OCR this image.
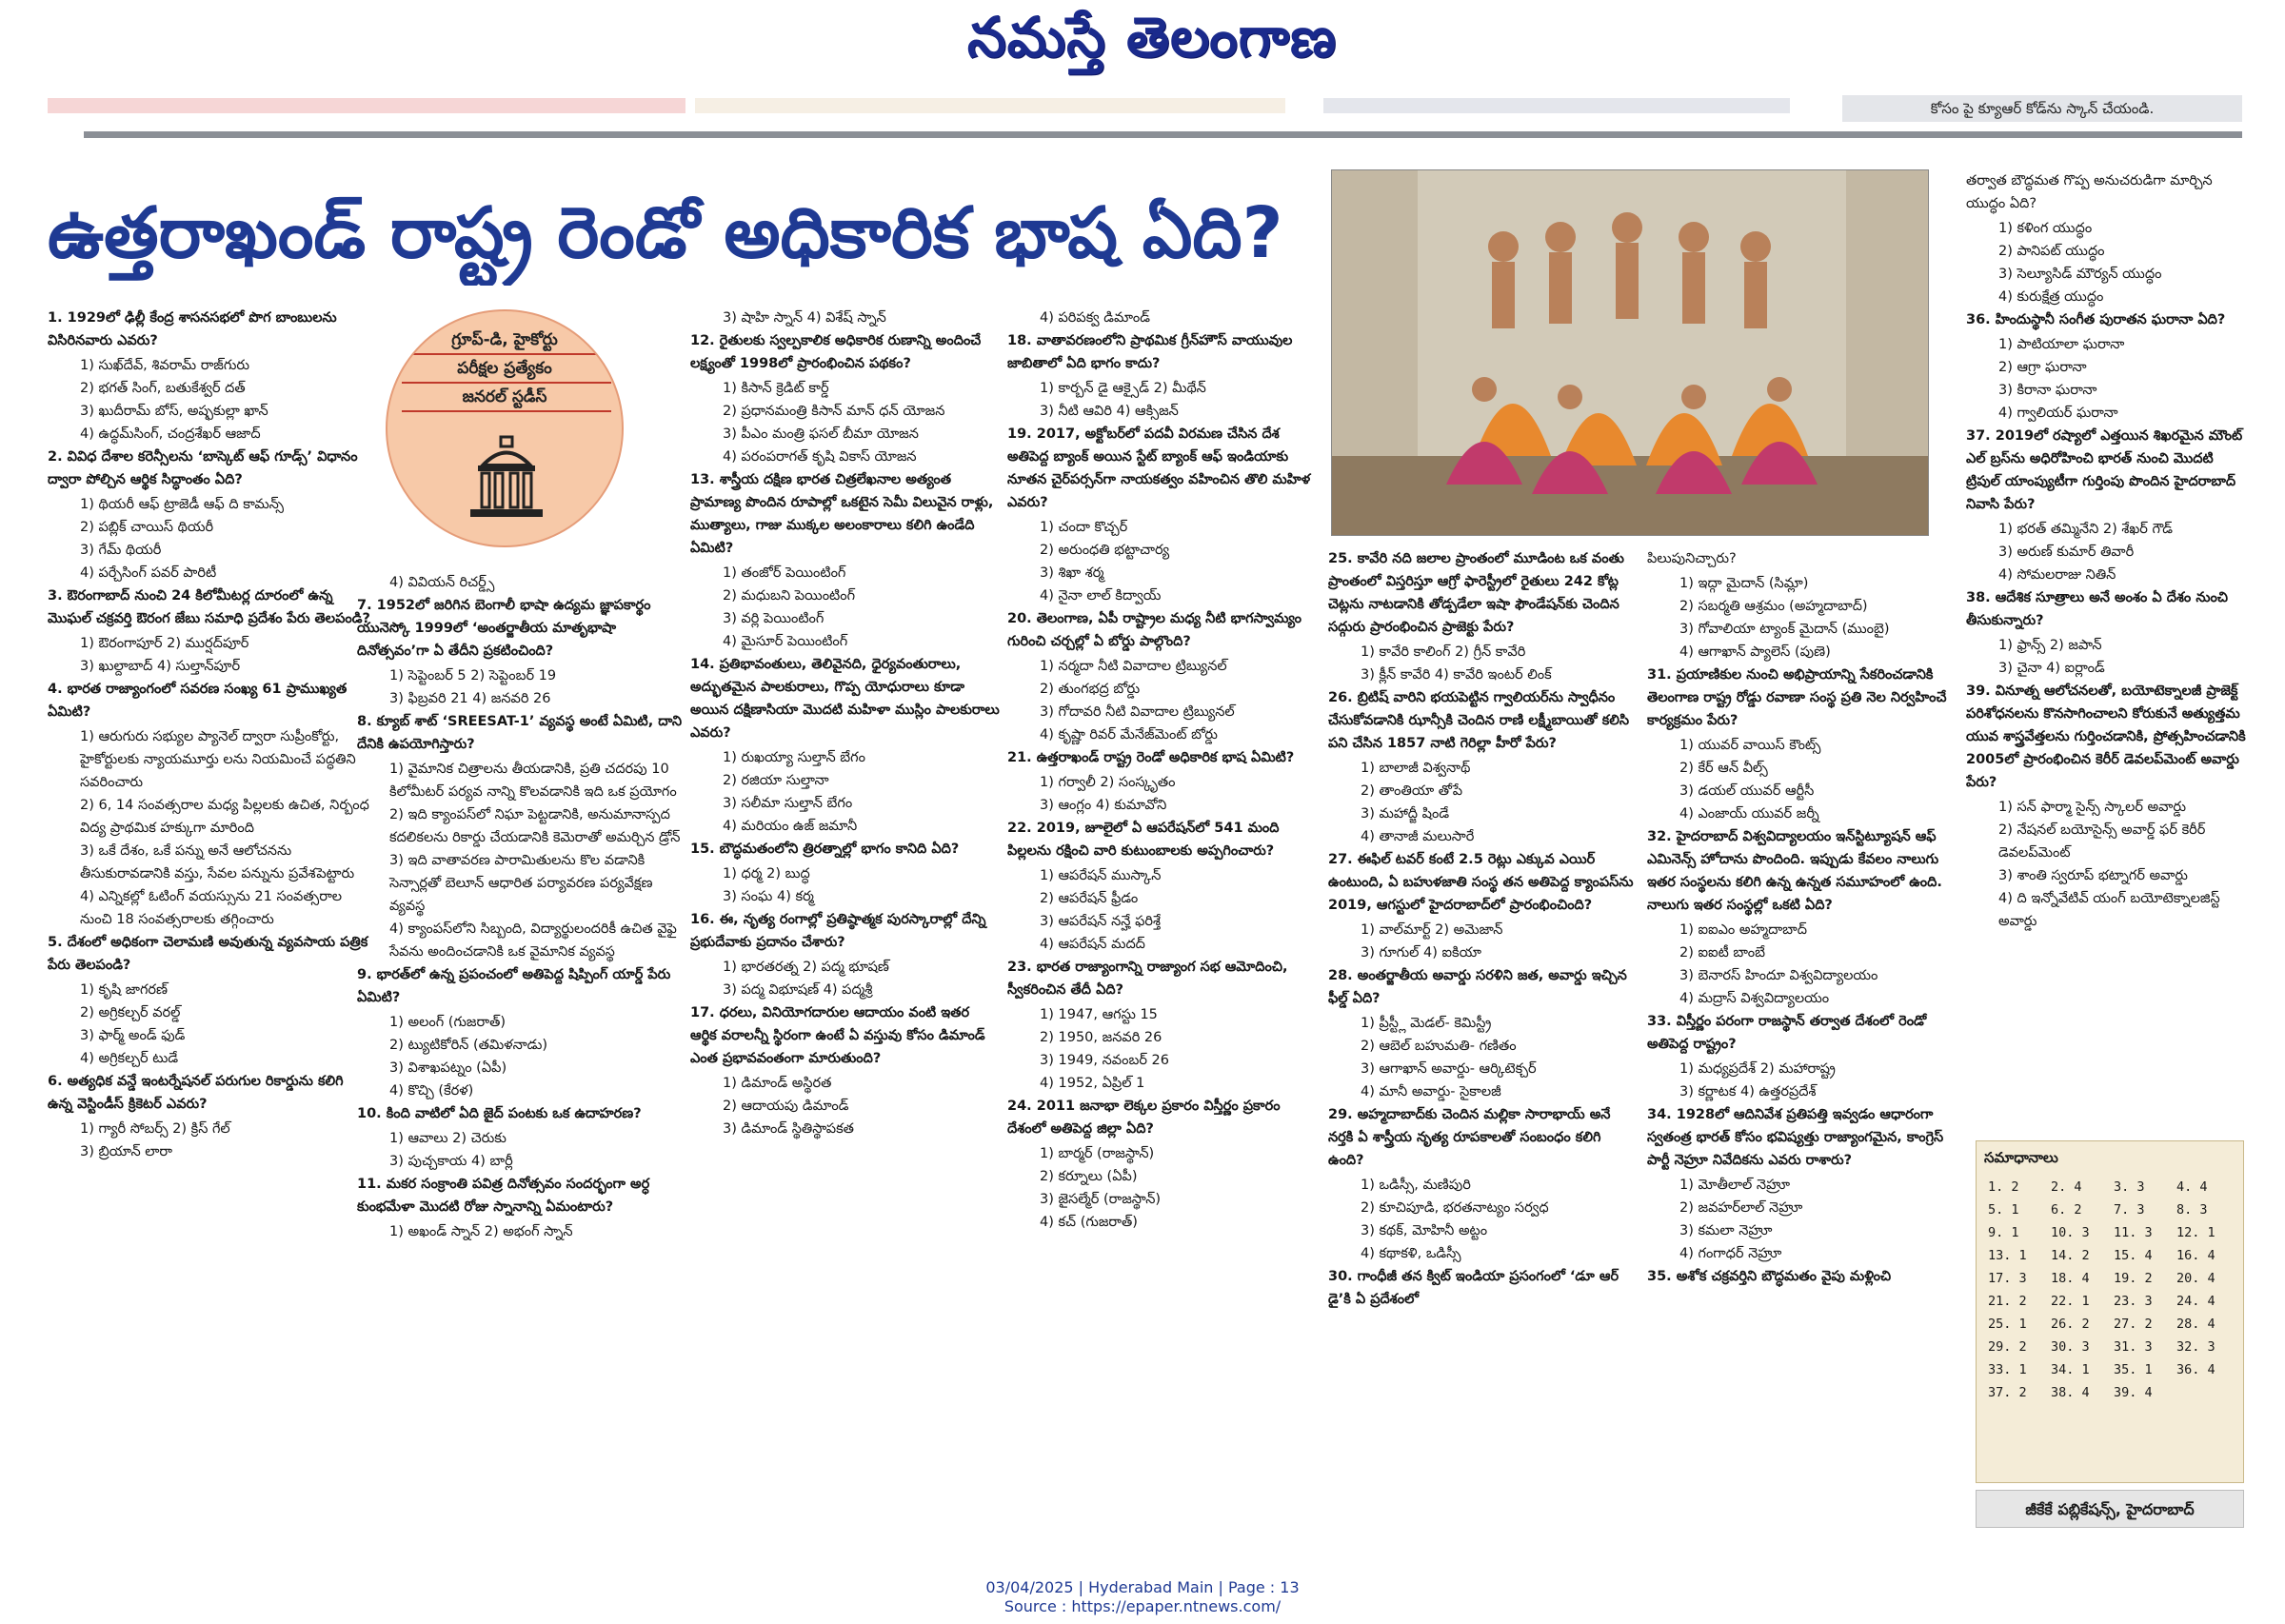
నమస్తే తెలంగాణ
కోసం పై క్యూఆర్ కోడ్‌ను స్కాన్ చేయండి.
ఉత్తరాఖండ్ రాష్ట్ర రెండో అధికారిక భాష ఏది?
గ్రూప్-డి, హైకోర్టు
పరీక్షల ప్రత్యేకం
జనరల్ స్టడీస్
1. 1929లో ఢిల్లీ కేంద్ర శాసనసభలో పొగ బాంబులను విసిరినవారు ఎవరు?
1) సుఖ్‌దేవ్, శివరామ్ రాజ్‌గురు
2) భగత్ సింగ్, బతుకేశ్వర్ దత్
3) ఖుదీరామ్ బోస్, అష్ఫకుల్లా ఖాన్
4) ఉద్ధమ్‌సింగ్, చంద్రశేఖర్ ఆజాద్
2. వివిధ దేశాల కరెన్సీలను ‘బాస్కెట్ ఆఫ్ గూడ్స్’ విధానం ద్వారా పోల్చిన ఆర్థిక సిద్ధాంతం ఏది?
1) థియరీ ఆఫ్ ట్రాజెడీ ఆఫ్ ది కామన్స్
2) పబ్లిక్ చాయిస్ థియరీ
3) గేమ్ థియరీ
4) పర్చేసింగ్ పవర్ పారిటీ
3. ఔరంగాబాద్ నుంచి 24 కిలోమీటర్ల దూరంలో ఉన్న మొఘల్ చక్రవర్తి ఔరంగ జేబు సమాధి ప్రదేశం పేరు తెలపండి?
1) ఔరంగాపూర్ 2) ముర్షద్‌పూర్
3) ఖుల్దాబాద్ 4) సుల్తాన్‌పూర్
4. భారత రాజ్యాంగంలో సవరణ సంఖ్య 61 ప్రాముఖ్యత ఏమిటి?
1) ఆరుగురు సభ్యుల ప్యానెల్ ద్వారా సుప్రీంకోర్టు, హైకోర్టులకు న్యాయమూర్తు లను నియమించే పద్ధతిని సవరించారు
2) 6, 14 సంవత్సరాల మధ్య పిల్లలకు ఉచిత, నిర్బంధ విద్య ప్రాథమిక హక్కుగా మారింది
3) ఒకే దేశం, ఒకే పన్ను అనే ఆలోచనను తీసుకురావడానికి వస్తు, సేవల పన్నును ప్రవేశపెట్టారు
4) ఎన్నికల్లో ఓటింగ్ వయస్సును 21 సంవత్సరాల నుంచి 18 సంవత్సరాలకు తగ్గించారు
5. దేశంలో అధికంగా చెలామణి అవుతున్న వ్యవసాయ పత్రిక పేరు తెలపండి?
1) కృషి జాగరణ్
2) అగ్రికల్చర్ వరల్డ్
3) ఫార్మ్ అండ్ ఫుడ్
4) అగ్రికల్చర్ టుడే
6. అత్యధిక వన్డే ఇంటర్నేషనల్ పరుగుల రికార్డును కలిగి ఉన్న వెస్టిండీస్ క్రికెటర్ ఎవరు?
1) గ్యారీ సోబర్స్ 2) క్రిస్ గేల్
3) బ్రియాన్ లారా
4) వివియన్ రిచర్డ్స్
7. 1952లో జరిగిన బెంగాలీ భాషా ఉద్యమ జ్ఞాపకార్థం యునెస్కో 1999లో ‘అంతర్జాతీయ మాతృభాషా దినోత్సవం’గా ఏ తేదీని ప్రకటించింది?
1) సెప్టెంబర్ 5 2) సెప్టెంబర్ 19
3) ఫిబ్రవరి 21 4) జనవరి 26
8. క్యూబ్ శాట్ ‘SREESAT-1’ వ్యవస్థ అంటే ఏమిటి, దాని దేనికి ఉపయోగిస్తారు?
1) వైమానిక చిత్రాలను తీయడానికి, ప్రతి చదరపు 10 కిలోమీటర్ పర్యవ నాన్ని కొలవడానికి ఇది ఒక ప్రయోగం
2) ఇది క్యాంపస్‌లో నిఘా పెట్టడానికి, అనుమానాస్పద కదలికలను రికార్డు చేయడానికి కెమెరాతో అమర్చిన డ్రోన్
3) ఇది వాతావరణ పారామితులను కొల వడానికి సెన్సార్లతో బెలూన్ ఆధారిత పర్యావరణ పర్యవేక్షణ వ్యవస్థ
4) క్యాంపస్‌లోని సిబ్బంది, విద్యార్థులందరికీ ఉచిత వైఫై సేవను అందించడానికి ఒక వైమానిక వ్యవస్థ
9. భారత్‌లో ఉన్న ప్రపంచంలో అతిపెద్ద షిప్పింగ్ యార్డ్ పేరు ఏమిటి?
1) అలంగ్ (గుజరాత్)
2) ట్యుటికోరిన్ (తమిళనాడు)
3) విశాఖపట్నం (ఏపీ)
4) కొచ్చి (కేరళ)
10. కింది వాటిలో ఏది జైద్ పంటకు ఒక ఉదాహరణ?
1) ఆవాలు 2) చెరుకు
3) పుచ్చకాయ 4) బార్లీ
11. మకర సంక్రాంతి పవిత్ర దినోత్సవం సందర్భంగా అర్ధ కుంభమేళా మొదటి రోజు స్నానాన్ని ఏమంటారు?
1) అఖండ్ స్నాన్ 2) అభంగ్ స్నాన్
3) షాహి స్నాన్ 4) విశేష్ స్నాన్
12. రైతులకు స్వల్పకాలిక అధికారిక రుణాన్ని అందించే లక్ష్యంతో 1998లో ప్రారంభించిన పథకం?
1) కిసాన్ క్రెడిట్ కార్డ్
2) ప్రధానమంత్రి కిసాన్ మాన్ ధన్ యోజన
3) పీఎం మంత్రి ఫసల్ బీమా యోజన
4) పరంపరాగత్ కృషి వికాస్ యోజన
13. శాస్త్రీయ దక్షిణ భారత చిత్రలేఖనాల అత్యంత ప్రామాణ్య పొందిన రూపాల్లో ఒకటైన సెమీ విలువైన రాళ్లు, ముత్యాలు, గాజు ముక్కల అలంకారాలు కలిగి ఉండేది ఏమిటి?
1) తంజోర్ పెయింటింగ్
2) మధుబని పెయింటింగ్
3) వర్లి పెయింటింగ్
4) మైసూర్ పెయింటింగ్
14. ప్రతిభావంతులు, తెలివైనది, ధైర్యవంతురాలు, అద్భుతమైన పాలకురాలు, గొప్ప యోధురాలు కూడా అయిన దక్షిణాసియా మొదటి మహిళా ముస్లిం పాలకురాలు ఎవరు?
1) రుఖయ్యా సుల్తాన్ బేగం
2) రజియా సుల్తానా
3) సలీమా సుల్తాన్ బేగం
4) మరియం ఉజ్ జమానీ
15. బౌద్ధమతంలోని త్రిరత్నాల్లో భాగం కానిది ఏది?
1) ధర్మ 2) బుద్ధ
3) సంఘ 4) కర్మ
16. ఈ, నృత్య రంగాల్లో ప్రతిష్ఠాత్మక పురస్కారాల్లో దేన్ని ప్రభుదేవాకు ప్రదానం చేశారు?
1) భారతరత్న 2) పద్మ భూషణ్
3) పద్మ విభూషణ్ 4) పద్మశ్రీ
17. ధరలు, వినియోగదారుల ఆదాయం వంటి ఇతర ఆర్థిక వరాలన్నీ స్థిరంగా ఉంటే ఏ వస్తువు కోసం డిమాండ్ ఎంత ప్రభావవంతంగా మారుతుంది?
1) డిమాండ్ అస్థిరత
2) ఆదాయపు డిమాండ్
3) డిమాండ్ స్థితిస్థాపకత
4) పరిపక్వ డిమాండ్
18. వాతావరణంలోని ప్రాథమిక గ్రీన్‌హౌస్ వాయువుల జాబితాలో ఏది భాగం కాదు?
1) కార్బన్ డై ఆక్సైడ్ 2) మీథేన్
3) నీటి ఆవిరి 4) ఆక్సిజన్
19. 2017, అక్టోబర్‌లో పదవీ విరమణ చేసిన దేశ అతిపెద్ద బ్యాంక్ అయిన స్టేట్ బ్యాంక్ ఆఫ్ ఇండియాకు నూతన చైర్‌పర్సన్‌గా నాయకత్వం వహించిన తొలి మహిళ ఎవరు?
1) చందా కొచ్చర్
2) అరుంధతి భట్టాచార్య
3) శిఖా శర్మ
4) నైనా లాల్ కిద్వాయ్
20. తెలంగాణ, ఏపీ రాష్ట్రాల మధ్య నీటి భాగస్వామ్యం గురించి చర్చల్లో ఏ బోర్డు పాల్గొంది?
1) నర్మదా నీటి వివాదాల ట్రిబ్యునల్
2) తుంగభద్ర బోర్డు
3) గోదావరి నీటి వివాదాల ట్రిబ్యునల్
4) కృష్ణా రివర్ మేనేజ్‌మెంట్ బోర్డు
21. ఉత్తరాఖండ్ రాష్ట్ర రెండో అధికారిక భాష ఏమిటి?
1) గర్వాలీ 2) సంస్కృతం
3) ఆంగ్లం 4) కుమావోని
22. 2019, జూలైలో ఏ ఆపరేషన్‌లో 541 మంది పిల్లలను రక్షించి వారి కుటుంబాలకు అప్పగించారు?
1) ఆపరేషన్ ముస్కాన్
2) ఆపరేషన్ ఫ్రీడం
3) ఆపరేషన్ నన్హే ఫరిశ్తే
4) ఆపరేషన్ మదద్
23. భారత రాజ్యాంగాన్ని రాజ్యాంగ సభ ఆమోదించి, స్వీకరించిన తేదీ ఏది?
1) 1947, ఆగస్టు 15
2) 1950, జనవరి 26
3) 1949, నవంబర్ 26
4) 1952, ఏప్రిల్ 1
24. 2011 జనాభా లెక్కల ప్రకారం విస్తీర్ణం ప్రకారం దేశంలో అతిపెద్ద జిల్లా ఏది?
1) బార్మర్ (రాజస్థాన్)
2) కర్నూలు (ఏపీ)
3) జైసల్మేర్ (రాజస్థాన్)
4) కచ్ (గుజరాత్)
25. కావేరి నది జలాల ప్రాంతంలో మూడింట ఒక వంతు ప్రాంతంలో విస్తరిస్తూ ఆగ్రో ఫారెస్ట్రీలో రైతులు 242 కోట్ల చెట్లను నాటడానికి తోడ్పడేలా ఇషా ఫౌండేషన్‌కు చెందిన సద్గురు ప్రారంభించిన ప్రాజెక్టు పేరు?
1) కావేరి కాలింగ్ 2) గ్రీన్ కావేరి
3) క్లీన్ కావేరి 4) కావేరి ఇంటర్ లింక్
26. బ్రిటిష్ వారిని భయపెట్టిన గ్వాలియర్‌ను స్వాధీనం చేసుకోవడానికి ఝాన్సీకి చెందిన రాణి లక్ష్మీబాయితో కలిసి పని చేసిన 1857 నాటి గెరిల్లా హీరో పేరు?
1) బాలాజీ విశ్వనాథ్
2) తాంతియా తోపే
3) మహాద్జీ షిండే
4) తానాజీ మలుసారే
27. ఈఫిల్ టవర్ కంటే 2.5 రెట్లు ఎక్కువ ఎయిర్ ఉంటుంది, ఏ బహుళజాతి సంస్థ తన అతిపెద్ద క్యాంపస్‌ను 2019, ఆగస్టులో హైదరాబాద్‌లో ప్రారంభించింది?
1) వాల్‌మార్ట్ 2) అమెజాన్
3) గూగుల్ 4) ఐకియా
28. అంతర్జాతీయ అవార్డు సరళిని జత, అవార్డు ఇచ్చిన ఫీల్డ్ ఏది?
1) ప్రీస్ట్లీ మెడల్- కెమిస్ట్రీ
2) ఆబెల్ బహుమతి- గణితం
3) ఆగాఖాన్ అవార్డు- ఆర్కిటెక్చర్
4) మానీ అవార్డు- సైకాలజీ
29. అహ్మదాబాద్‌కు చెందిన మల్లికా సారాభాయ్ అనే నర్తకి ఏ శాస్త్రీయ నృత్య రూపకాలతో సంబంధం కలిగి ఉంది?
1) ఒడిస్సీ, మణిపురి
2) కూచిపూడి, భరతనాట్యం సర్వధ
3) కథక్, మోహినీ అట్టం
4) కథాకళి, ఒడిస్సీ
30. గాంధీజీ తన క్విట్ ఇండియా ప్రసంగంలో ‘డూ ఆర్ డై’కి ఏ ప్రదేశంలో
పిలుపునిచ్చారు?
1) ఇద్గా మైదాన్ (సిమ్లా)
2) సబర్మతి ఆశ్రమం (అహ్మదాబాద్)
3) గోవాలియా ట్యాంక్ మైదాన్ (ముంబై)
4) ఆగాఖాన్ ప్యాలెస్ (పుణె)
31. ప్రయాణికుల నుంచి అభిప్రాయాన్ని సేకరించడానికి తెలంగాణ రాష్ట్ర రోడ్డు రవాణా సంస్థ ప్రతి నెల నిర్వహించే కార్యక్రమం పేరు?
1) యువర్ వాయిస్ కౌంట్స్
2) కేర్ ఆన్ వీల్స్
3) డయల్ యువర్ ఆర్టీసీ
4) ఎంజాయ్ యువర్ జర్నీ
32. హైదరాబాద్ విశ్వవిద్యాలయం ఇన్‌స్టిట్యూషన్ ఆఫ్ ఎమినెన్స్ హోదాను పొందింది. ఇప్పుడు కేవలం నాలుగు ఇతర సంస్థలను కలిగి ఉన్న ఉన్నత సమూహంలో ఉంది. నాలుగు ఇతర సంస్థల్లో ఒకటి ఏది?
1) ఐఐఎం అహ్మదాబాద్
2) ఐఐటీ బాంబే
3) బెనారస్ హిందూ విశ్వవిద్యాలయం
4) మద్రాస్ విశ్వవిద్యాలయం
33. విస్తీర్ణం పరంగా రాజస్థాన్ తర్వాత దేశంలో రెండో అతిపెద్ద రాష్ట్రం?
1) మధ్యప్రదేశ్ 2) మహారాష్ట్ర
3) కర్ణాటక 4) ఉత్తరప్రదేశ్
34. 1928లో ఆదినివేశ ప్రతిపత్తి ఇవ్వడం ఆధారంగా స్వతంత్ర భారత్ కోసం భవిష్యత్తు రాజ్యాంగమైన, కాంగ్రెస్ పార్టీ నెహ్రూ నివేదికను ఎవరు రాశారు?
1) మోతీలాల్ నెహ్రూ
2) జవహర్‌లాల్ నెహ్రూ
3) కమలా నెహ్రూ
4) గంగాధర్ నెహ్రూ
35. అశోక చక్రవర్తిని బౌద్ధమతం వైపు మళ్లించి
తర్వాత బౌద్ధమత గొప్ప అనుచరుడిగా మార్చిన యుద్ధం ఏది?
1) కళింగ యుద్ధం
2) పానిపట్ యుద్ధం
3) సెల్యూసిడ్ మౌర్యన్ యుద్ధం
4) కురుక్షేత్ర యుద్ధం
36. హిందుస్థానీ సంగీత పురాతన ఘరానా ఏది?
1) పాటియాలా ఘరానా
2) ఆగ్రా ఘరానా
3) కిరానా ఘరానా
4) గ్వాలియర్ ఘరానా
37. 2019లో రష్యాలో ఎత్తయిన శిఖరమైన మౌంట్ ఎల్ బ్రస్‌ను అధిరోహించి భారత్ నుంచి మొదటి ట్రిపుల్ యాంప్యుటీగా గుర్తింపు పొందిన హైదరాబాద్ నివాసి పేరు?
1) భరత్ తమ్మినేని 2) శేఖర్ గౌడ్
3) అరుణ్ కుమార్ తివారీ
4) సోమలరాజు నితిన్
38. ఆదేశిక సూత్రాలు అనే అంశం ఏ దేశం నుంచి తీసుకున్నారు?
1) ఫ్రాన్స్ 2) జపాన్
3) చైనా 4) ఐర్లాండ్
39. వినూత్న ఆలోచనలతో, బయోటెక్నాలజీ ప్రాజెక్ట్ పరిశోధనలను కొనసాగించాలని కోరుకునే అత్యుత్తమ యువ శాస్త్రవేత్తలను గుర్తించడానికి, ప్రోత్సహించడానికి 2005లో ప్రారంభించిన కెరీర్ డెవలప్‌మెంట్ అవార్డు పేరు?
1) సన్ ఫార్మా సైన్స్ స్కాలర్ అవార్డు
2) నేషనల్ బయోసైన్స్ అవార్డ్ ఫర్ కెరీర్ డెవలప్‌మెంట్
3) శాంతి స్వరూప్ భట్నాగర్ అవార్డు
4) ది ఇన్నోవేటివ్ యంగ్ బయోటెక్నాలజిస్ట్ అవార్డు
సమాధానాలు
1. 2	2. 4	3. 3	4. 4
5. 1	6. 2	7. 3	8. 3
9. 1	10. 3	11. 3	12. 1
13. 1	14. 2	15. 4	16. 4
17. 3	18. 4	19. 2	20. 4
21. 2	22. 1	23. 3	24. 4
25. 1	26. 2	27. 2	28. 4
29. 2	30. 3	31. 3	32. 3
33. 1	34. 1	35. 1	36. 4
37. 2	38. 4	39. 4	
జీకేకే పబ్లికేషన్స్, హైదరాబాద్
03/04/2025 | Hyderabad Main | Page : 13
Source : https://epaper.ntnews.com/
